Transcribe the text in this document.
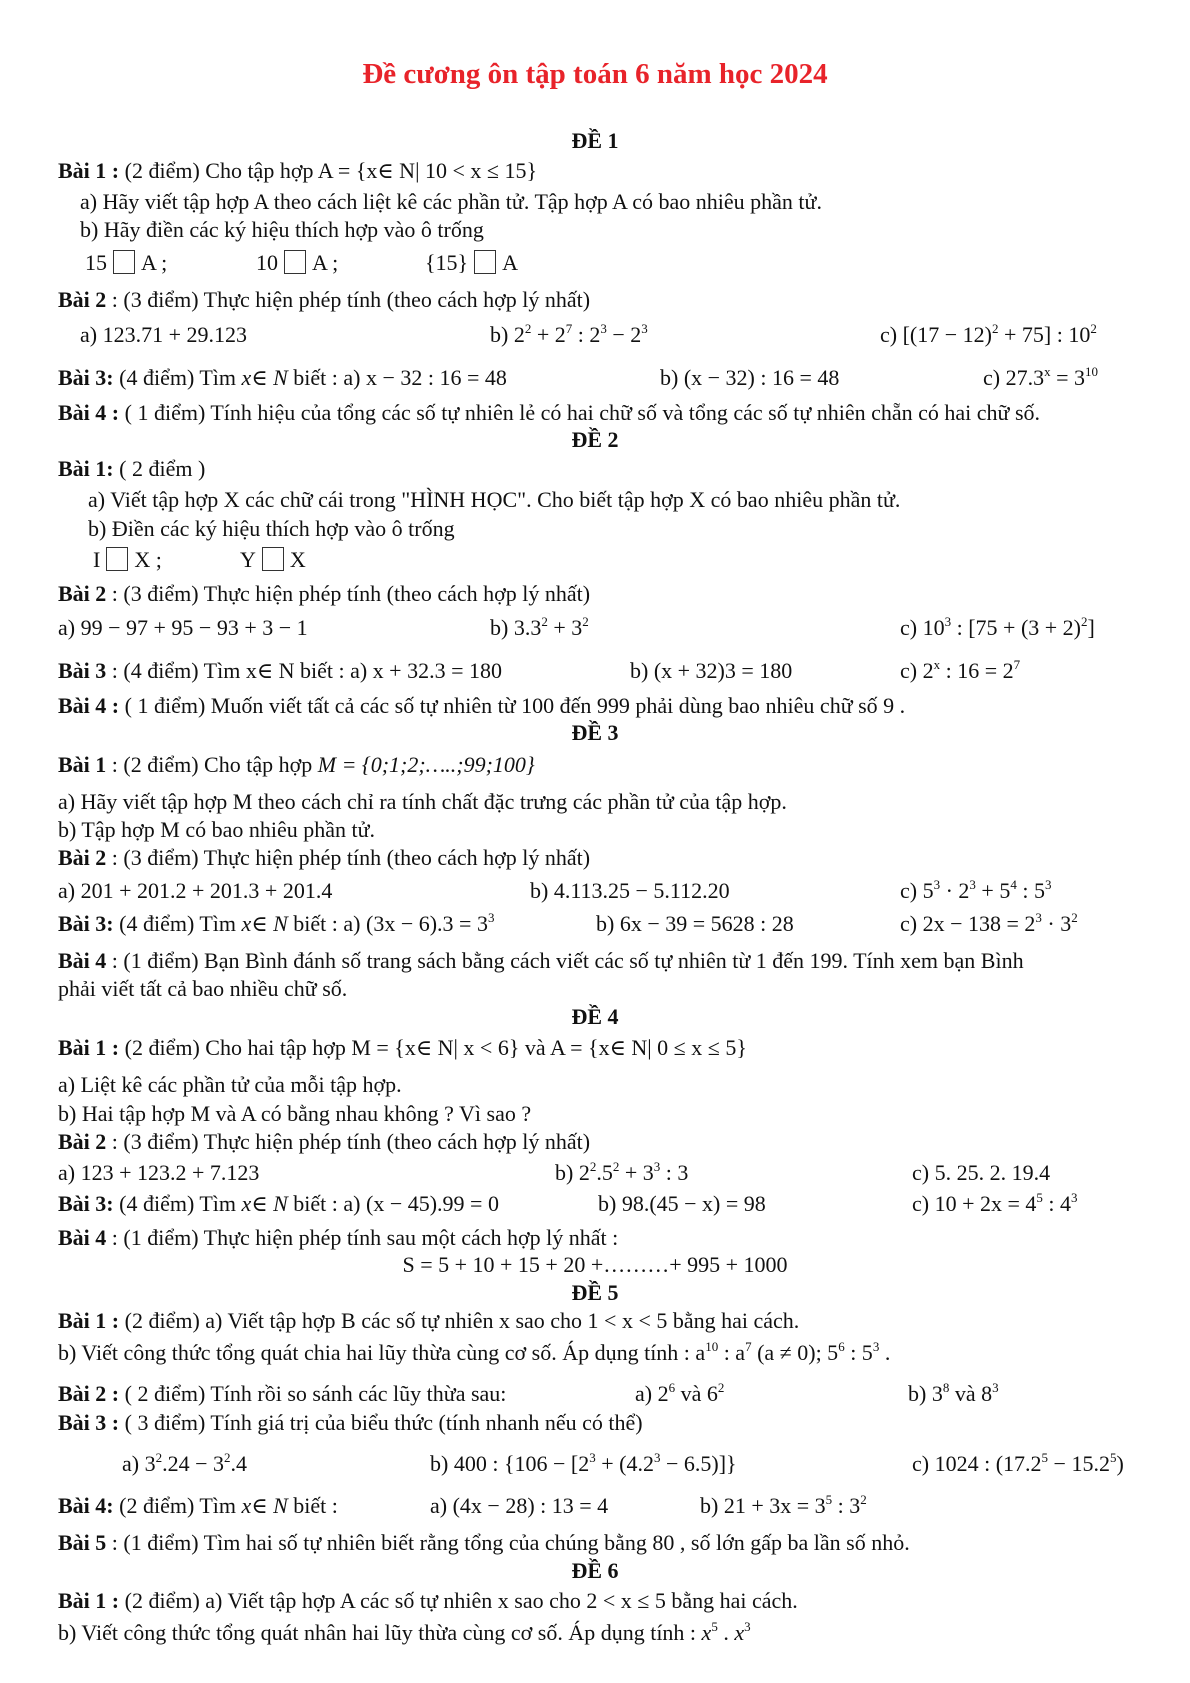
Đề cương ôn tập toán 6 năm học 2024
ĐỀ 1
Bài 1 : (2 điểm) Cho tập hợp A = {x∈ N| 10 < x ≤ 15}
a) Hãy viết tập hợp A theo cách liệt kê các phần tử. Tập hợp A có bao nhiêu phần tử.
b) Hãy điền các ký hiệu thích hợp vào ô trống
15 A ;	10 A ;	{15} A
Bài 2 : (3 điểm) Thực hiện phép tính (theo cách hợp lý nhất)
a) 123.71 + 29.123	b) $2^2 + 2^7$ : $2^3 - 2^3$	c) $[(17 - 12)^2 + 75]$ : $10^2$
Bài 3: (4 điểm) Tìm x∈ N biết : a) x − 32 : 16 = 48	b) (x − 32) : 16 = 48	c) $27.3^x = 3^{10}$
Bài 4 : ( 1 điểm) Tính hiệu của tổng các số tự nhiên lẻ có hai chữ số và tổng các số tự nhiên chẵn có hai chữ số.
ĐỀ 2
Bài 1: ( 2 điểm )
a) Viết tập hợp X các chữ cái trong "HÌNH HỌC". Cho biết tập hợp X có bao nhiêu phần tử.
b) Điền các ký hiệu thích hợp vào ô trống
I X ;	Y X
Bài 2 : (3 điểm) Thực hiện phép tính (theo cách hợp lý nhất)
a) 99 − 97 + 95 − 93 + 3 − 1	b) $3.3^2 + 3^2$	c) $10^3$ : $[75 + (3 + 2)^2]$
Bài 3 : (4 điểm) Tìm x∈ N biết : a) x + 32.3 = 180	b) (x + 32)3 = 180	c) 2$^x$ : $16 = 2^7$
Bài 4 : ( 1 điểm) Muốn viết tất cả các số tự nhiên từ 100 đến 999 phải dùng bao nhiêu chữ số 9 .
ĐỀ 3
Bài 1 : (2 điểm) Cho tập hợp M = {0;1;2;…..;99;100}
a) Hãy viết tập hợp M theo cách chỉ ra tính chất đặc trưng các phần tử của tập hợp.
b) Tập hợp M có bao nhiêu phần tử.
Bài 2 : (3 điểm) Thực hiện phép tính (theo cách hợp lý nhất)
a) 201 + 201.2 + 201.3 + 201.4	b) 4.113.25 − 5.112.20	c) $5^3 \cdot 2^3 + 5^4$ : $5^3$
Bài 3: (4 điểm) Tìm x∈ N biết : a) $(3x - 6).3 = 3^3$	b) 6x − 39 = 5628 : 28	c) $2x - 138 = 2^3 \cdot 3^2$
Bài 4 : (1 điểm) Bạn Bình đánh số trang sách bằng cách viết các số tự nhiên từ 1 đến 199. Tính xem bạn Bình
phải viết tất cả bao nhiều chữ số.
ĐỀ 4
Bài 1 : (2 điểm) Cho hai tập hợp M = {x∈ N| x < 6} và A = {x∈ N| 0 ≤ x ≤ 5}
a) Liệt kê các phần tử của mỗi tập hợp.
b) Hai tập hợp M và A có bằng nhau không ? Vì sao ?
Bài 2 : (3 điểm) Thực hiện phép tính (theo cách hợp lý nhất)
a) 123 + 123.2 + 7.123	b) $2^2.5^2 + 3^3$ : 3	c) 5. 25. 2. 19.4
Bài 3: (4 điểm) Tìm x∈ N biết : a) (x − 45).99 = 0	b) 98.(45 − x) = 98	c) $10 + 2x = 4^5$ : $4^3$
Bài 4 : (1 điểm) Thực hiện phép tính sau một cách hợp lý nhất :
S = 5 + 10 + 15 + 20 +………+ 995 + 1000
ĐỀ 5
Bài 1 : (2 điểm) a) Viết tập hợp B các số tự nhiên x sao cho 1 < x < 5 bằng hai cách.
b) Viết công thức tổng quát chia hai lũy thừa cùng cơ số. Áp dụng tính : $a^{10}$ : $a^7$ (a ≠ 0); $5^6$ : $5^3$ .
Bài 2 : ( 2 điểm) Tính rồi so sánh các lũy thừa sau:	a) $2^6$ và $6^2$	b) $3^8$ và $8^3$
Bài 3 : ( 3 điểm) Tính giá trị của biểu thức (tính nhanh nếu có thể)
a) $3^2.24 - 3^2.4$	b) 400 : $\{106 - [2^3 + (4.2^3 - 6.5)]\}$	c) 1024 : $(17.2^5 - 15.2^5)$
Bài 4: (2 điểm) Tìm x∈ N biết :	a) (4x − 28) : 13 = 4	b) $21 + 3x = 3^5$ : $3^2$
Bài 5 : (1 điểm) Tìm hai số tự nhiên biết rằng tổng của chúng bằng 80 , số lớn gấp ba lần số nhỏ.
ĐỀ 6
Bài 1 : (2 điểm) a) Viết tập hợp A các số tự nhiên x sao cho 2 < x ≤ 5 bằng hai cách.
b) Viết công thức tổng quát nhân hai lũy thừa cùng cơ số. Áp dụng tính : $x^5$ . $x^3$
